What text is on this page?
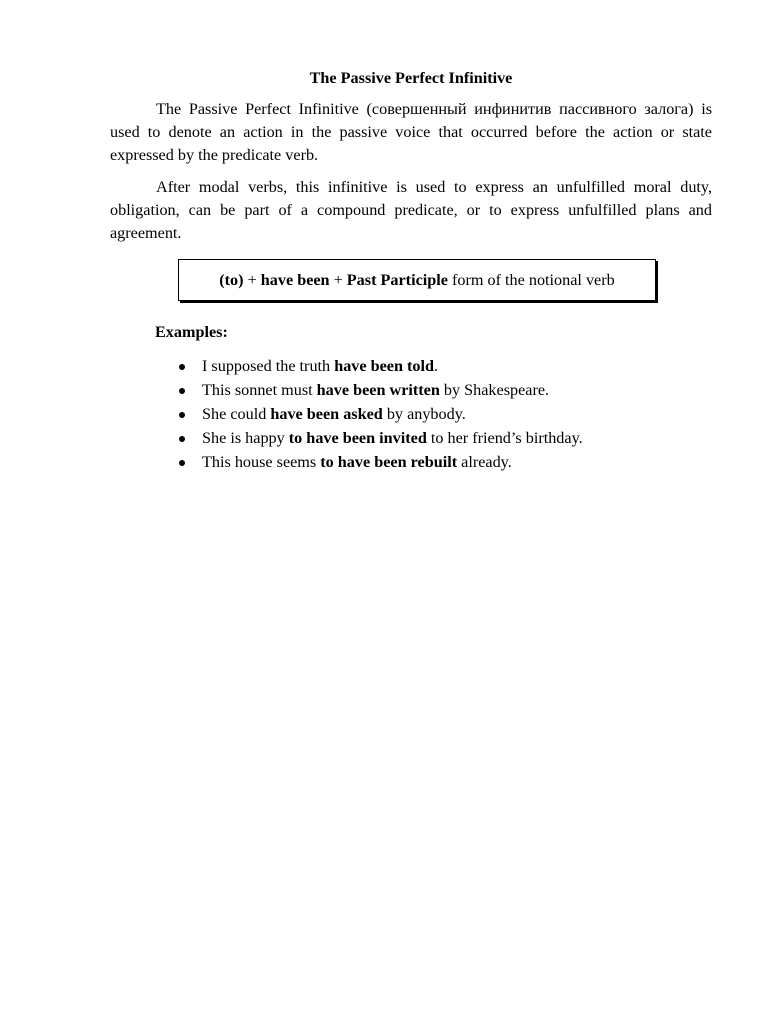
The Passive Perfect Infinitive

The Passive Perfect Infinitive (совершенный инфинитив пассивного залога) is used to denote an action in the passive voice that occurred before the action or state expressed by the predicate verb.

After modal verbs, this infinitive is used to express an unfulfilled moral duty, obligation, can be part of a compound predicate, or to express unfulfilled plans and agreement.

(to) + have been + Past Participle form of the notional verb
Examples:
I supposed the truth have been told.
This sonnet must have been written by Shakespeare.
She could have been asked by anybody.
She is happy to have been invited to her friend’s birthday.
This house seems to have been rebuilt already.
